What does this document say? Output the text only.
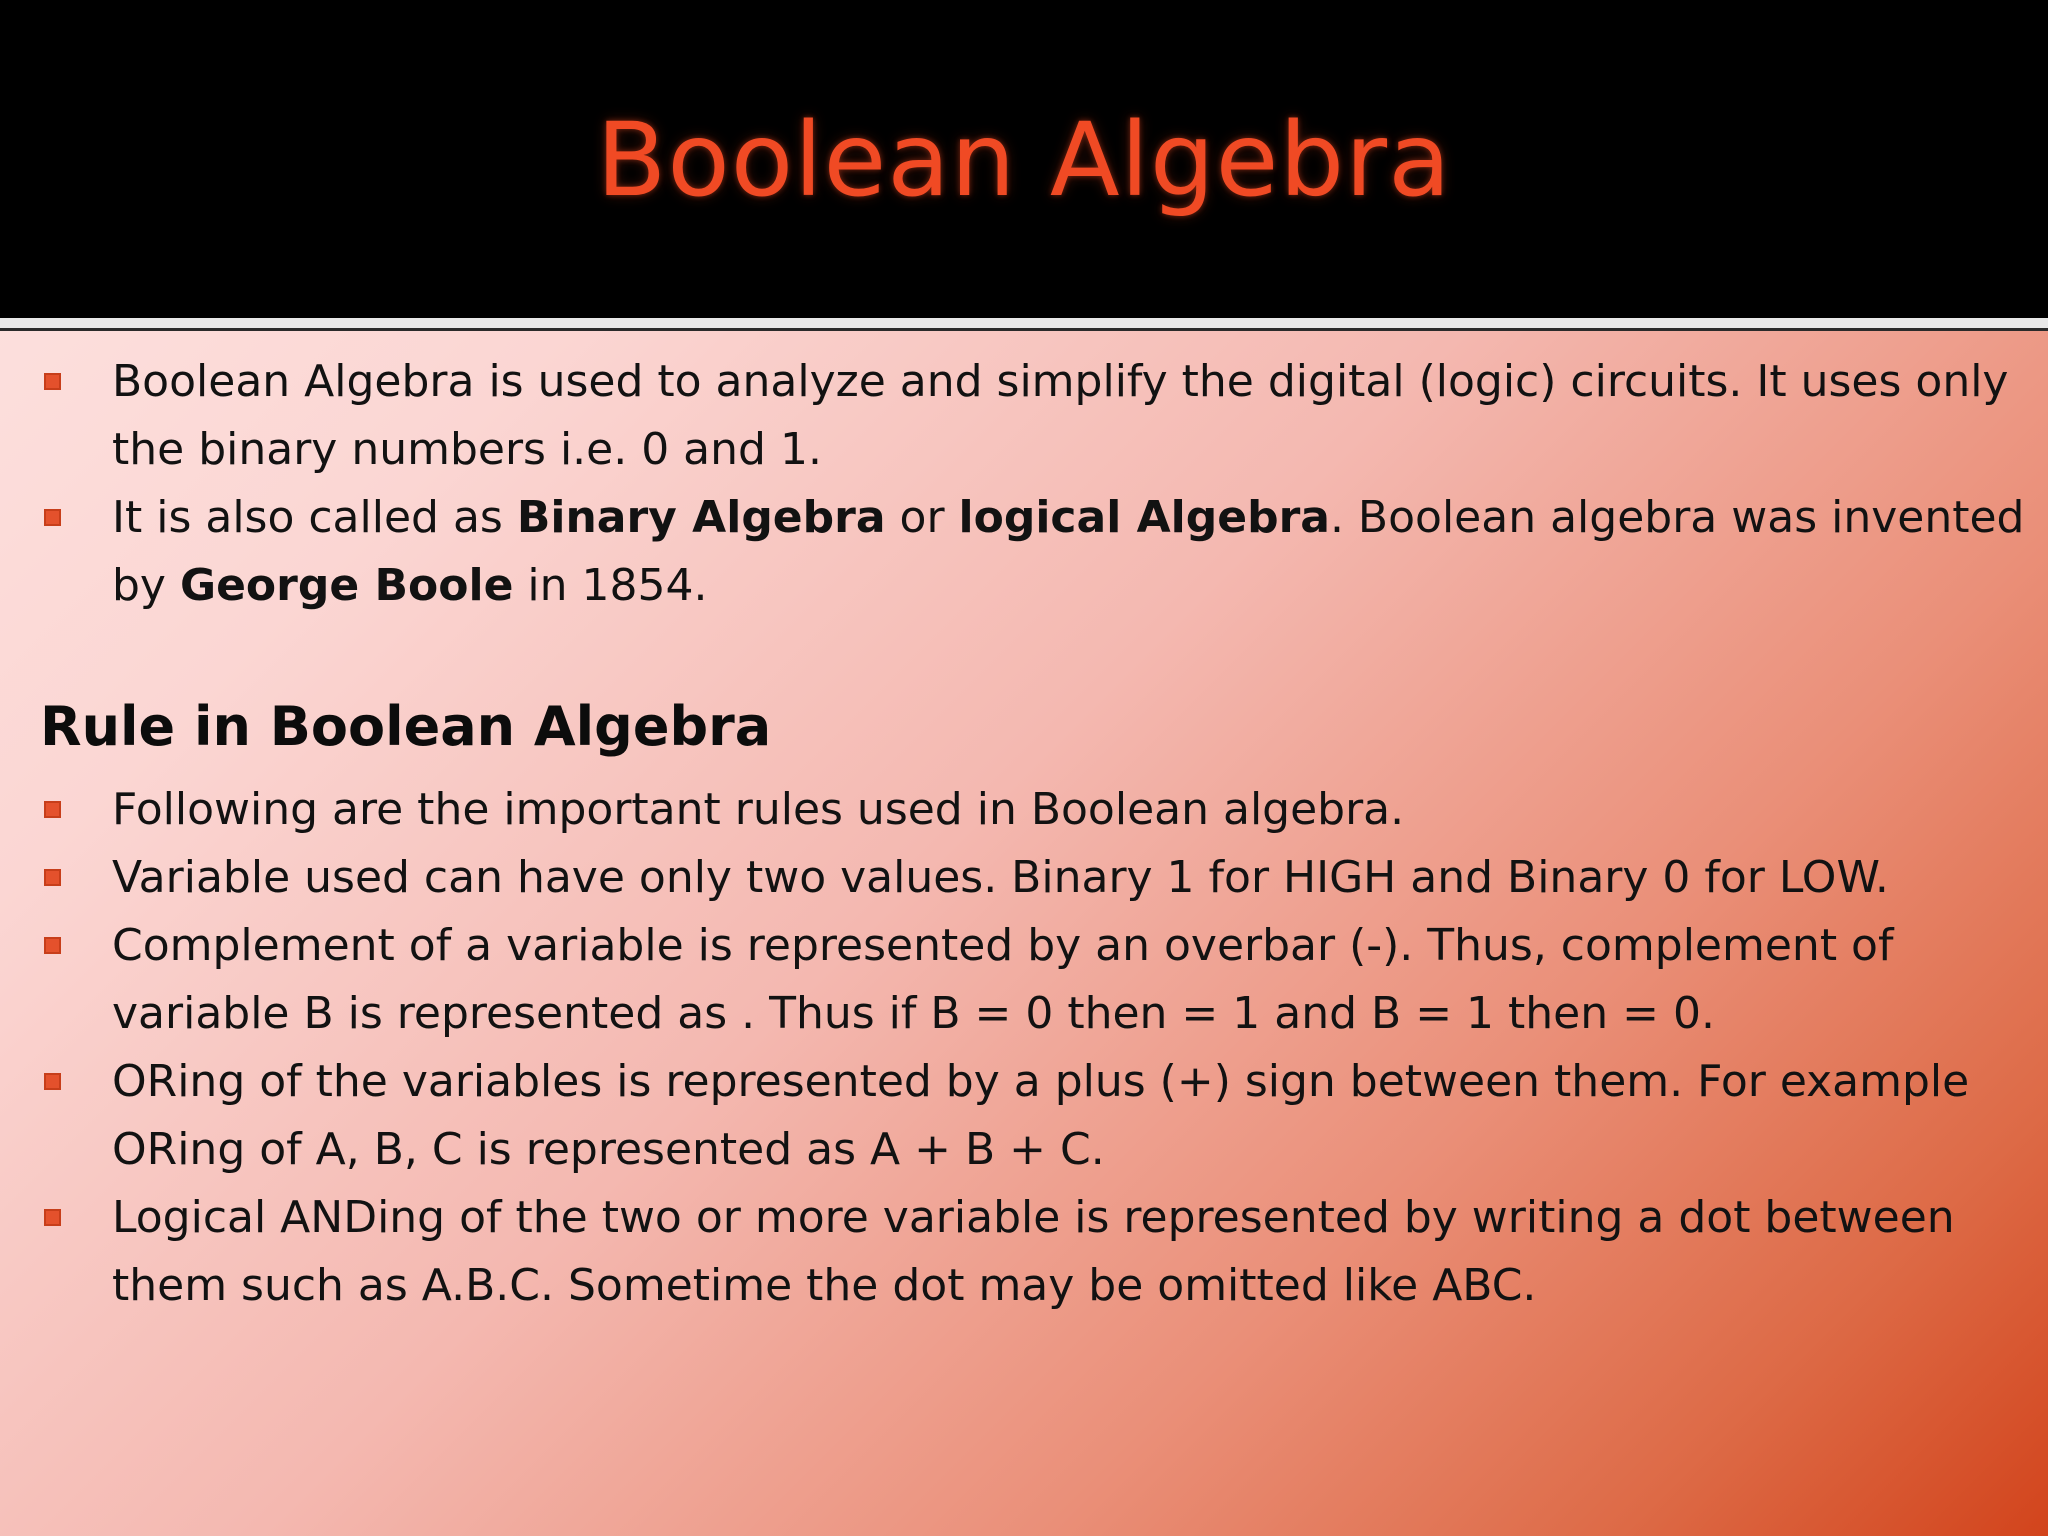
Boolean Algebra
Boolean Algebra is used to analyze and simplify the digital (logic) circuits. It uses only the binary numbers i.e. 0 and 1.
It is also called as Binary Algebra or logical Algebra. Boolean algebra was invented by George Boole in 1854.
Rule in Boolean Algebra
Following are the important rules used in Boolean algebra.
Variable used can have only two values. Binary 1 for HIGH and Binary 0 for LOW.
Complement of a variable is represented by an overbar (-). Thus, complement of variable B is represented as . Thus if B = 0 then = 1 and B = 1 then = 0.
ORing of the variables is represented by a plus (+) sign between them. For example ORing of A, B, C is represented as A + B + C.
Logical ANDing of the two or more variable is represented by writing a dot between them such as A.B.C. Sometime the dot may be omitted like ABC.
